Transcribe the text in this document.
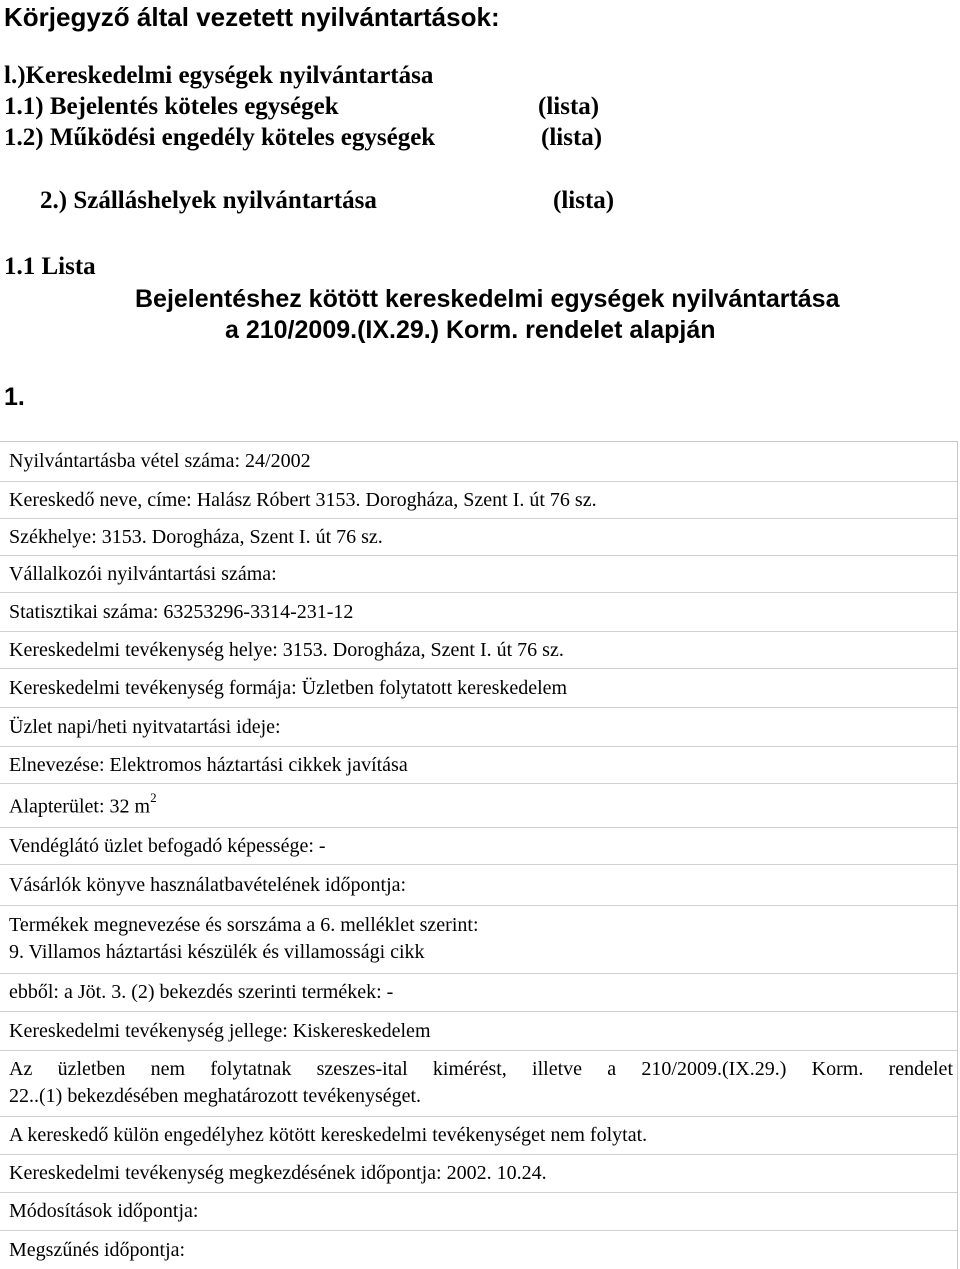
Körjegyző által vezetett nyilvántartások:
l.)Kereskedelmi egységek nyilvántartása
1.1) Bejelentés köteles egységek	(lista)
1.2) Működési engedély köteles egységek	(lista)
2.) Szálláshelyek nyilvántartása	(lista)
1.1 Lista
Bejelentéshez kötött kereskedelmi egységek nyilvántartása
a 210/2009.(IX.29.) Korm. rendelet alapján
1.
Nyilvántartásba vétel száma: 24/2002
Kereskedő neve, címe: Halász Róbert 3153. Dorogháza, Szent I. út 76 sz.
Székhelye: 3153. Dorogháza, Szent I. út 76 sz.
Vállalkozói nyilvántartási száma:
Statisztikai száma: 63253296-3314-231-12
Kereskedelmi tevékenység helye: 3153. Dorogháza, Szent I. út 76 sz.
Kereskedelmi tevékenység formája: Üzletben folytatott kereskedelem
Üzlet napi/heti nyitvatartási ideje:
Elnevezése: Elektromos háztartási cikkek javítása
Alapterület: 32 $m^2$
Vendéglátó üzlet befogadó képessége: -
Vásárlók könyve használatbavételének időpontja:
Termékek megnevezése és sorszáma a 6. melléklet szerint:
9. Villamos háztartási készülék és villamossági cikk
ebből: a Jöt. 3. (2) bekezdés szerinti termékek: -
Kereskedelmi tevékenység jellege: Kiskereskedelem
Az üzletben nem folytatnak szeszes-ital kimérést, illetve a 210/2009.(IX.29.) Korm. rendelet
22..(1) bekezdésében meghatározott tevékenységet.
A kereskedő külön engedélyhez kötött kereskedelmi tevékenységet nem folytat.
Kereskedelmi tevékenység megkezdésének időpontja: 2002. 10.24.
Módosítások időpontja:
Megszűnés időpontja:
